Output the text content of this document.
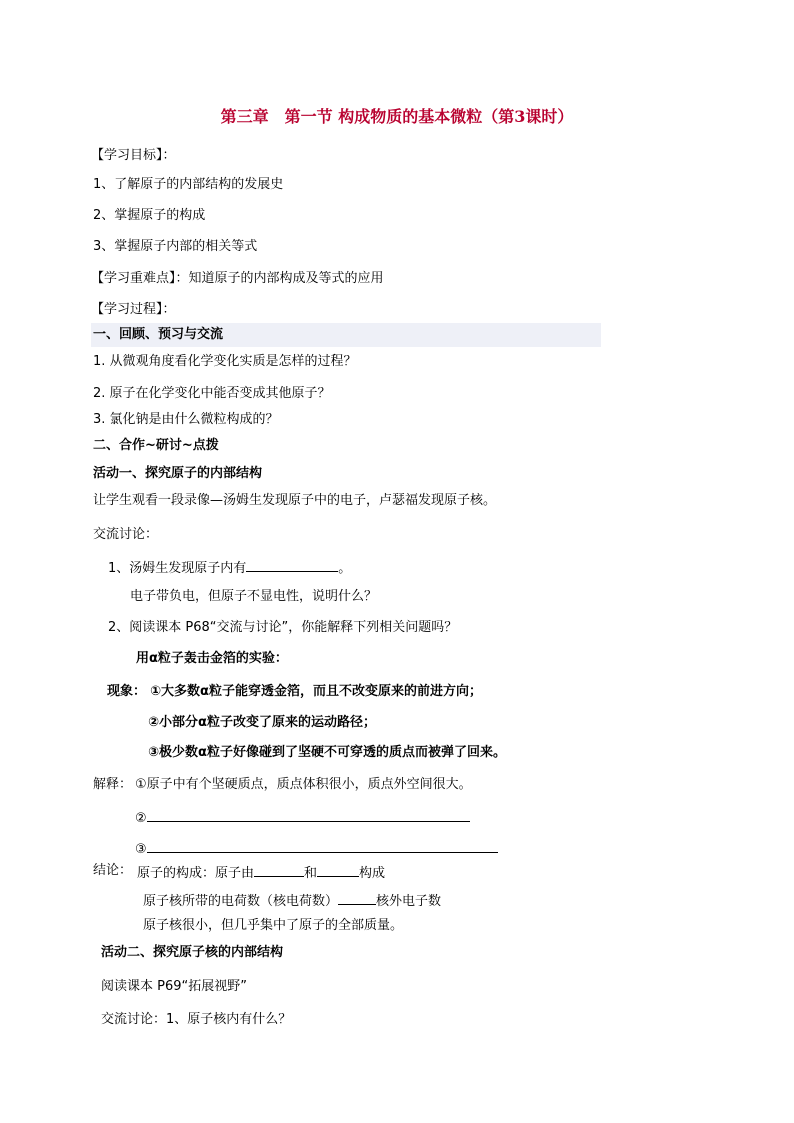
第三章　第一节 构成物质的基本微粒（第3课时）
【学习目标】：
1、了解原子的内部结构的发展史
2、掌握原子的构成
3、掌握原子内部的相关等式
【学习重难点】：知道原子的内部构成及等式的应用
【学习过程】：
一、回顾、预习与交流
1. 从微观角度看化学变化实质是怎样的过程？
2. 原子在化学变化中能否变成其他原子？
3. 氯化钠是由什么微粒构成的？
二、合作~研讨~点拨
活动一、探究原子的内部结构
让学生观看一段录像—汤姆生发现原子中的电子，卢瑟福发现原子核。
交流讨论：
1、汤姆生发现原子内有	。
电子带负电，但原子不显电性，说明什么？
2、阅读课本 P68“交流与讨论”，你能解释下列相关问题吗？
用α粒子轰击金箔的实验：
现象： ①大多数α粒子能穿透金箔，而且不改变原来的前进方向；
②小部分α粒子改变了原来的运动路径；
③极少数α粒子好像碰到了坚硬不可穿透的质点而被弹了回来。
解释： ①原子中有个坚硬质点，质点体积很小，质点外空间很大。
②
③
结论： 原子的构成：原子由	和	构成
原子核所带的电荷数（核电荷数）	核外电子数
原子核很小，但几乎集中了原子的全部质量。
活动二、探究原子核的内部结构
阅读课本 P69“拓展视野”
交流讨论：1、原子核内有什么？
